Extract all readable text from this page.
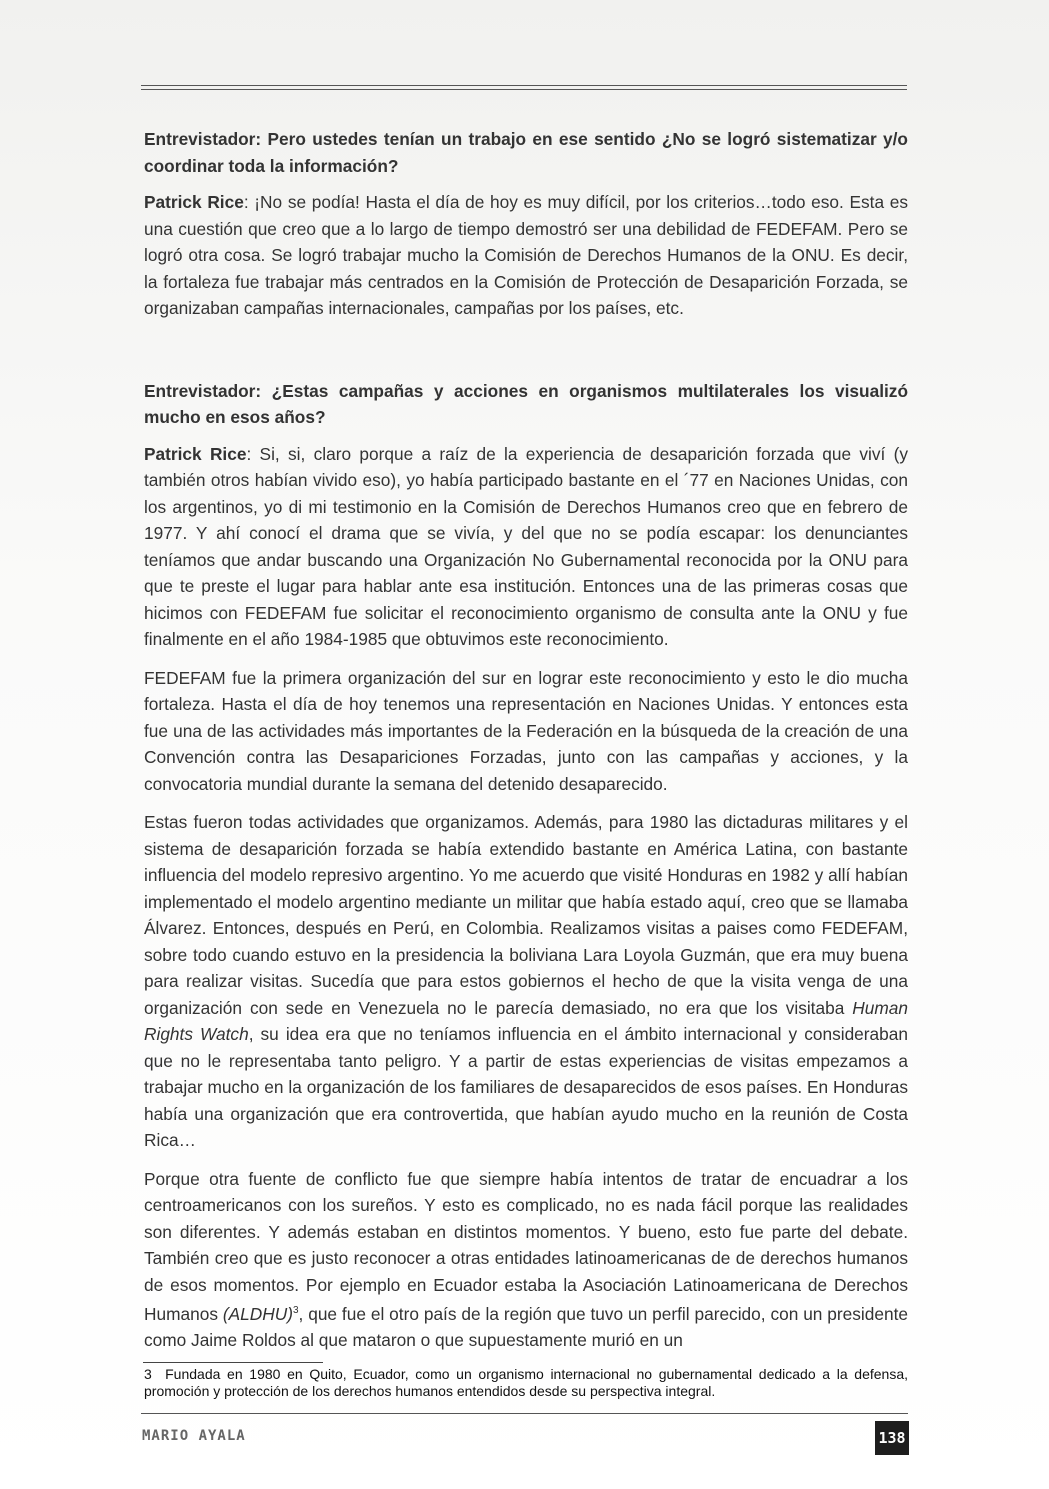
Entrevistador: Pero ustedes tenían un trabajo en ese sentido ¿No se logró sistematizar y/o coordinar toda la información?

Patrick Rice: ¡No se podía! Hasta el día de hoy es muy difícil, por los criterios…todo eso. Esta es una cuestión que creo que a lo largo de tiempo demostró ser una debilidad de FEDEFAM. Pero se logró otra cosa. Se logró trabajar mucho la Comisión de Derechos Humanos de la ONU. Es decir, la fortaleza fue trabajar más centrados en la Comisión de Protección de Desaparición Forzada, se organizaban campañas internacionales, campañas por los países, etc.

Entrevistador: ¿Estas campañas y acciones en organismos multilaterales los visualizó mucho en esos años?

Patrick Rice: Si, si, claro porque a raíz de la experiencia de desaparición forzada que viví (y también otros habían vivido eso), yo había participado bastante en el ´77 en Naciones Unidas, con los argentinos, yo di mi testimonio en la Comisión de Derechos Humanos creo que en febrero de 1977. Y ahí conocí el drama que se vivía, y del que no se podía escapar: los denunciantes teníamos que andar buscando una Organización No Gubernamental reconocida por la ONU para que te preste el lugar para hablar ante esa institución. Entonces una de las primeras cosas que hicimos con FEDEFAM fue solicitar el reconocimiento organismo de consulta ante la ONU y fue finalmente en el año 1984-1985 que obtuvimos este reconocimiento.

FEDEFAM fue la primera organización del sur en lograr este reconocimiento y esto le dio mucha fortaleza. Hasta el día de hoy tenemos una representación en Naciones Unidas. Y entonces esta fue una de las actividades más importantes de la Federación en la búsqueda de la creación de una Convención contra las Desapariciones Forzadas, junto con las campañas y acciones, y la convocatoria mundial durante la semana del detenido desaparecido.

Estas fueron todas actividades que organizamos. Además, para 1980 las dictaduras militares y el sistema de desaparición forzada se había extendido bastante en América Latina, con bastante influencia del modelo represivo argentino. Yo me acuerdo que visité Honduras en 1982 y allí habían implementado el modelo argentino mediante un militar que había estado aquí, creo que se llamaba Álvarez. Entonces, después en Perú, en Colombia. Realizamos visitas a paises como FEDEFAM, sobre todo cuando estuvo en la presidencia la boliviana Lara Loyola Guzmán, que era muy buena para realizar visitas. Sucedía que para estos gobiernos el hecho de que la visita venga de una organización con sede en Venezuela no le parecía demasiado, no era que los visitaba Human Rights Watch, su idea era que no teníamos influencia en el ámbito internacional y consideraban que no le representaba tanto peligro. Y a partir de estas experiencias de visitas empezamos a trabajar mucho en la organización de los familiares de desaparecidos de esos países. En Honduras había una organización que era controvertida, que habían ayudo mucho en la reunión de Costa Rica…

Porque otra fuente de conflicto fue que siempre había intentos de tratar de encuadrar a los centroamericanos con los sureños. Y esto es complicado, no es nada fácil porque las realidades son diferentes. Y además estaban en distintos momentos. Y bueno, esto fue parte del debate. También creo que es justo reconocer a otras entidades latinoamericanas de de derechos humanos de esos momentos. Por ejemplo en Ecuador estaba la Asociación Latinoamericana de Derechos Humanos (ALDHU)$^3$, que fue el otro país de la región que tuvo un perfil parecido, con un presidente como Jaime Roldos al que mataron o que supuestamente murió en un

3 Fundada en 1980 en Quito, Ecuador, como un organismo internacional no gubernamental dedicado a la defensa, promoción y protección de los derechos humanos entendidos desde su perspectiva integral.
MARIO AYALA	138
